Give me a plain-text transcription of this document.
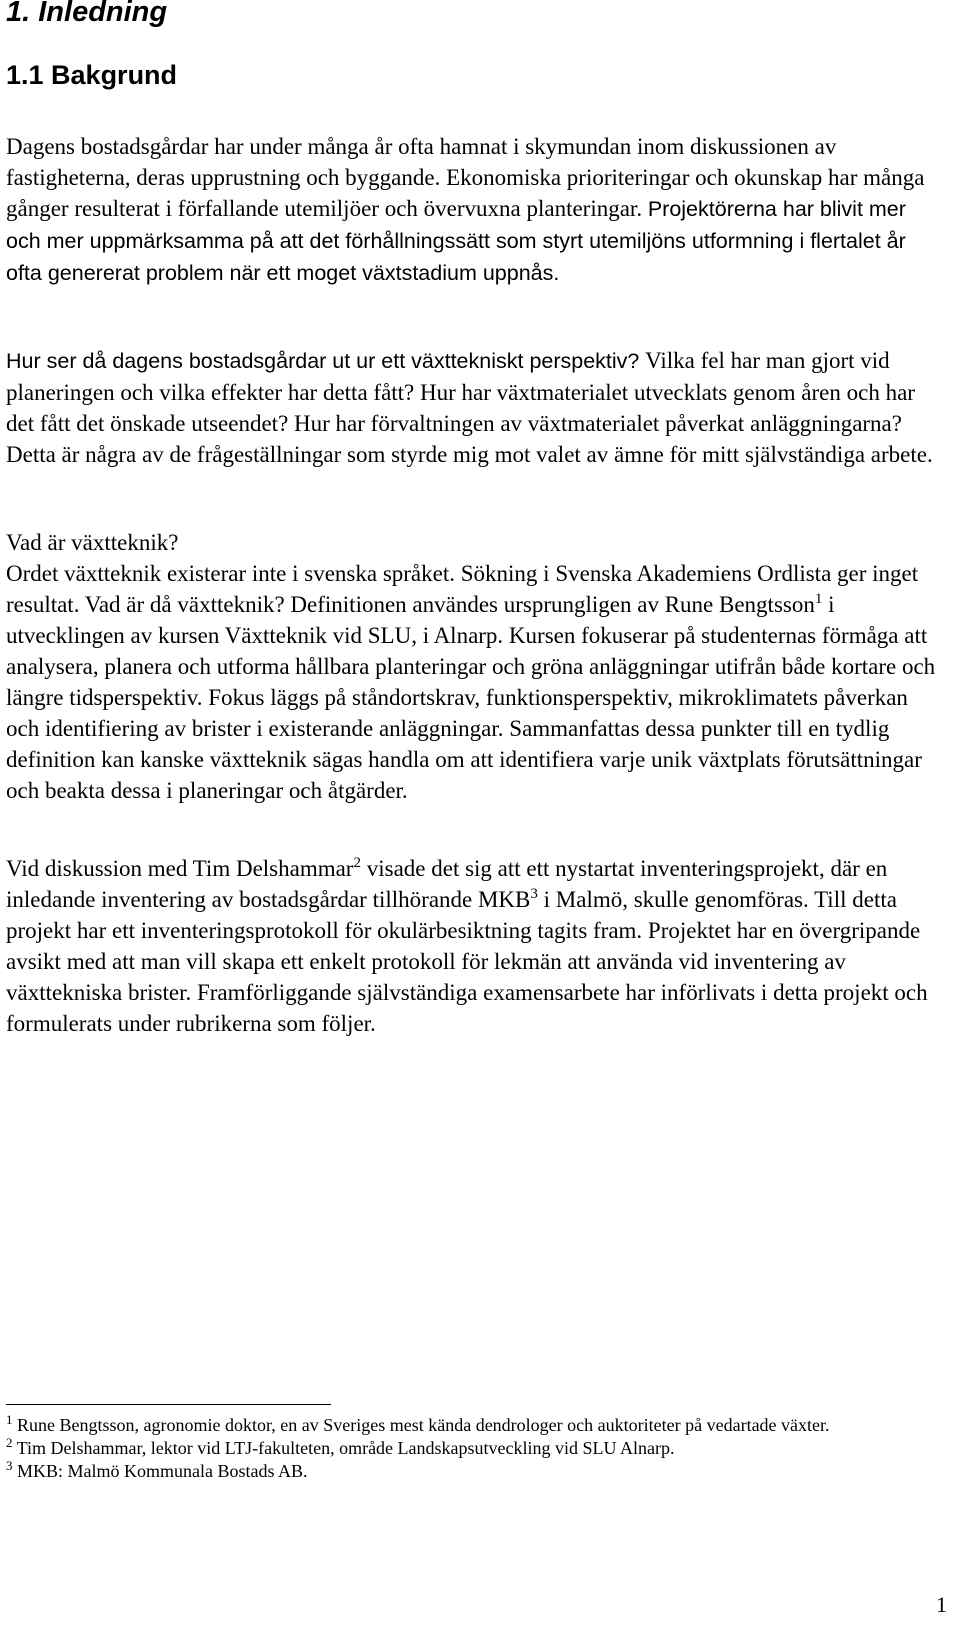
1. Inledning
1.1 Bakgrund

Dagens bostadsgårdar har under många år ofta hamnat i skymundan inom diskussionen av fastigheterna, deras upprustning och byggande. Ekonomiska prioriteringar och okunskap har många gånger resulterat i förfallande utemiljöer och övervuxna planteringar. Projektörerna har blivit mer och mer uppmärksamma på att det förhållningssätt som styrt utemiljöns utformning i flertalet år ofta genererat problem när ett moget växtstadium uppnås.

Hur ser då dagens bostadsgårdar ut ur ett växttekniskt perspektiv? Vilka fel har man gjort vid planeringen och vilka effekter har detta fått? Hur har växtmaterialet utvecklats genom åren och har det fått det önskade utseendet? Hur har förvaltningen av växtmaterialet påverkat anläggningarna? Detta är några av de frågeställningar som styrde mig mot valet av ämne för mitt självständiga arbete.

Vad är växtteknik?
Ordet växtteknik existerar inte i svenska språket. Sökning i Svenska Akademiens Ordlista ger inget resultat. Vad är då växtteknik? Definitionen användes ursprungligen av Rune Bengtsson$^1$ i utvecklingen av kursen Växtteknik vid SLU, i Alnarp. Kursen fokuserar på studenternas förmåga att analysera, planera och utforma hållbara planteringar och gröna anläggningar utifrån både kortare och längre tidsperspektiv. Fokus läggs på ståndortskrav, funktionsperspektiv, mikroklimatets påverkan och identifiering av brister i existerande anläggningar. Sammanfattas dessa punkter till en tydlig definition kan kanske växtteknik sägas handla om att identifiera varje unik växtplats förutsättningar och beakta dessa i planeringar och åtgärder.

Vid diskussion med Tim Delshammar$^2$ visade det sig att ett nystartat inventeringsprojekt, där en inledande inventering av bostadsgårdar tillhörande MKB$^3$ i Malmö, skulle genomföras. Till detta projekt har ett inventeringsprotokoll för okulärbesiktning tagits fram. Projektet har en övergripande avsikt med att man vill skapa ett enkelt protokoll för lekmän att använda vid inventering av växttekniska brister. Framförliggande självständiga examensarbete har införlivats i detta projekt och formulerats under rubrikerna som följer.

$^1$ Rune Bengtsson, agronomie doktor, en av Sveriges mest kända dendrologer och auktoriteter på vedartade växter.

$^2$ Tim Delshammar, lektor vid LTJ-fakulteten, område Landskapsutveckling vid SLU Alnarp.

$^3$ MKB: Malmö Kommunala Bostads AB.

1
